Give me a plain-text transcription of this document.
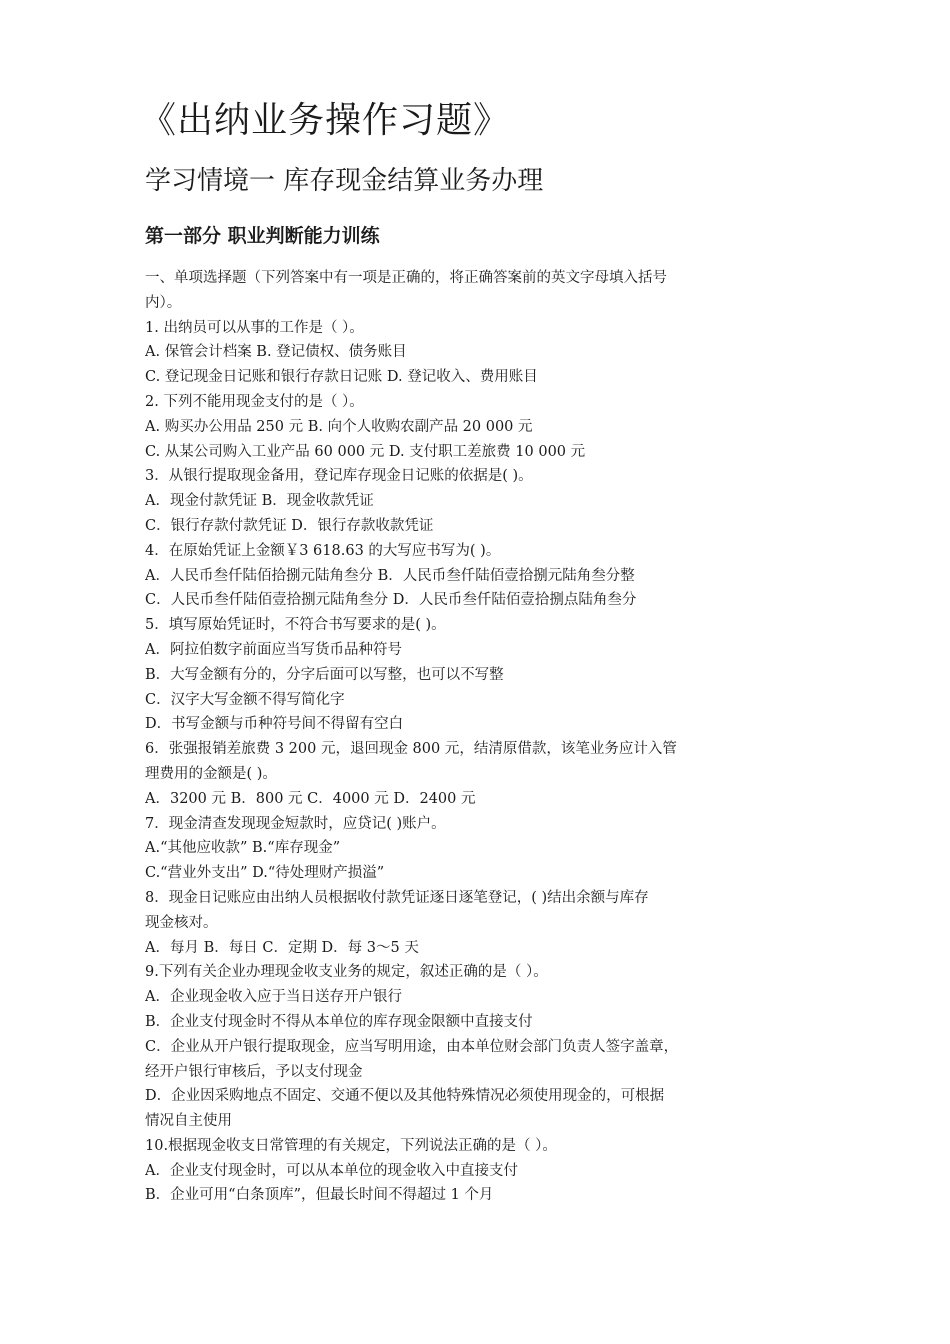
《出纳业务操作习题》
学习情境一 库存现金结算业务办理
第一部分 职业判断能力训练
一、单项选择题（下列答案中有一项是正确的，将正确答案前的英文字母填入括号
内）。
1. 出纳员可以从事的工作是（ ）。
A. 保管会计档案 B. 登记债权、债务账目
C. 登记现金日记账和银行存款日记账 D. 登记收入、费用账目
2. 下列不能用现金支付的是（ ）。
A. 购买办公用品 250 元 B. 向个人收购农副产品 20 000 元
C. 从某公司购入工业产品 60 000 元 D. 支付职工差旅费 10 000 元
3．从银行提取现金备用，登记库存现金日记账的依据是( )。
A．现金付款凭证 B．现金收款凭证
C．银行存款付款凭证 D．银行存款收款凭证
4．在原始凭证上金额￥3 618.63 的大写应书写为( )。
A．人民币叁仟陆佰拾捌元陆角叁分 B．人民币叁仟陆佰壹拾捌元陆角叁分整
C．人民币叁仟陆佰壹拾捌元陆角叁分 D．人民币叁仟陆佰壹拾捌点陆角叁分
5．填写原始凭证时，不符合书写要求的是( )。
A．阿拉伯数字前面应当写货币品种符号
B．大写金额有分的，分字后面可以写整，也可以不写整
C．汉字大写金额不得写简化字
D．书写金额与币种符号间不得留有空白
6．张强报销差旅费 3 200 元，退回现金 800 元，结清原借款，该笔业务应计入管
理费用的金额是( )。
A．3200 元 B．800 元 C．4000 元 D．2400 元
7．现金清查发现现金短款时，应贷记( )账户。
A.“其他应收款” B.“库存现金”
C.“营业外支出” D.“待处理财产损溢”
8．现金日记账应由出纳人员根据收付款凭证逐日逐笔登记，( )结出余额与库存
现金核对。
A．每月 B．每日 C．定期 D．每 3～5 天
9.下列有关企业办理现金收支业务的规定，叙述正确的是（ ）。
A．企业现金收入应于当日送存开户银行
B．企业支付现金时不得从本单位的库存现金限额中直接支付
C．企业从开户银行提取现金，应当写明用途，由本单位财会部门负责人签字盖章，
经开户银行审核后，予以支付现金
D．企业因采购地点不固定、交通不便以及其他特殊情况必须使用现金的，可根据
情况自主使用
10.根据现金收支日常管理的有关规定，下列说法正确的是（ ）。
A．企业支付现金时，可以从本单位的现金收入中直接支付
B．企业可用“白条顶库”，但最长时间不得超过 1 个月
